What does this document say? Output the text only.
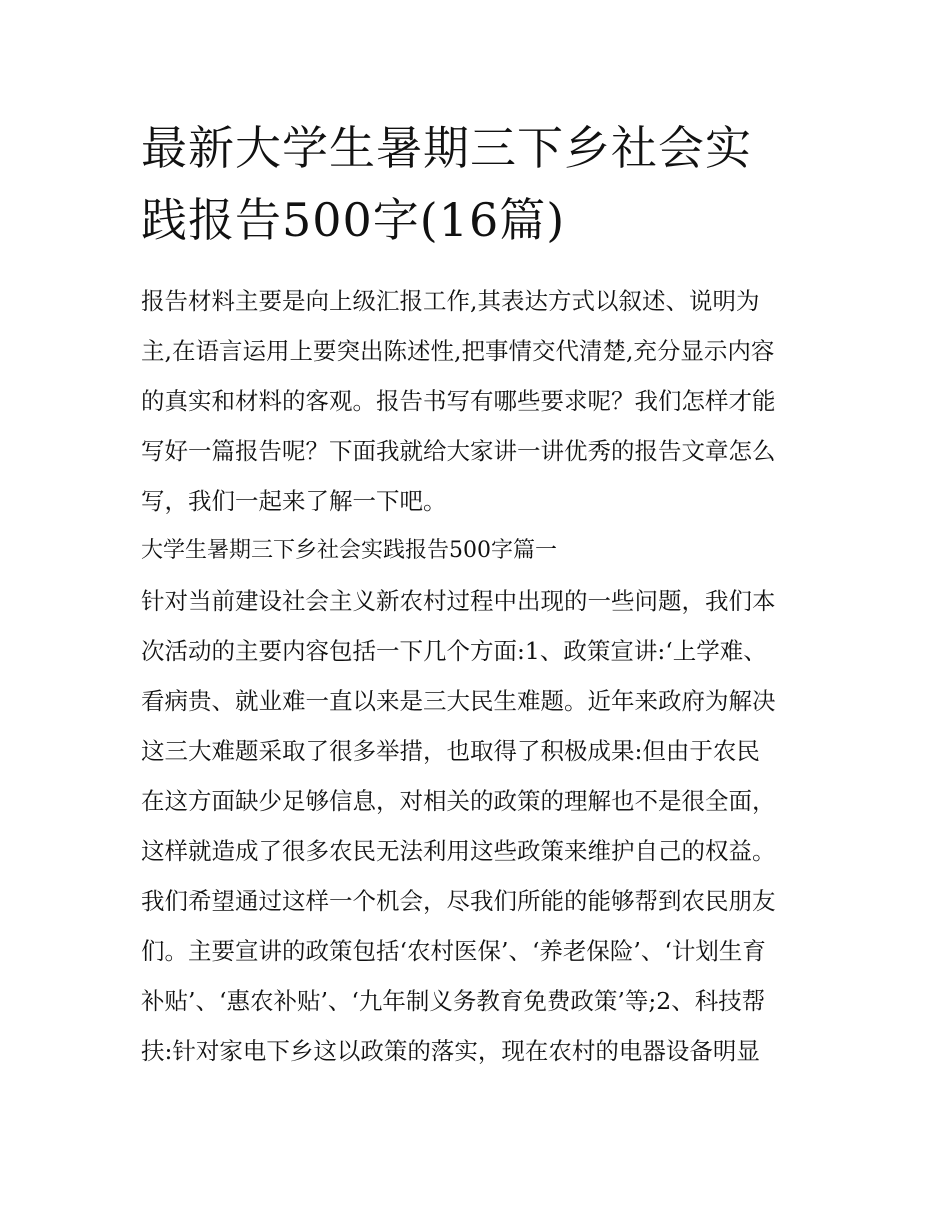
最新大学生暑期三下乡社会实
践报告500字(16篇)

报告材料主要是向上级汇报工作,其表达方式以叙述、说明为

主,在语言运用上要突出陈述性,把事情交代清楚,充分显示内容

的真实和材料的客观。报告书写有哪些要求呢？我们怎样才能

写好一篇报告呢？下面我就给大家讲一讲优秀的报告文章怎么

写，我们一起来了解一下吧。

大学生暑期三下乡社会实践报告500字篇一

针对当前建设社会主义新农村过程中出现的一些问题，我们本

次活动的主要内容包括一下几个方面:1、政策宣讲:‘上学难、

看病贵、就业难一直以来是三大民生难题。近年来政府为解决

这三大难题采取了很多举措，也取得了积极成果:但由于农民

在这方面缺少足够信息，对相关的政策的理解也不是很全面，

这样就造成了很多农民无法利用这些政策来维护自己的权益。

我们希望通过这样一个机会，尽我们所能的能够帮到农民朋友

们。主要宣讲的政策包括‘农村医保’、‘养老保险’、‘计划生育

补贴’、‘惠农补贴’、‘九年制义务教育免费政策’等;2、科技帮

扶:针对家电下乡这以政策的落实，现在农村的电器设备明显
